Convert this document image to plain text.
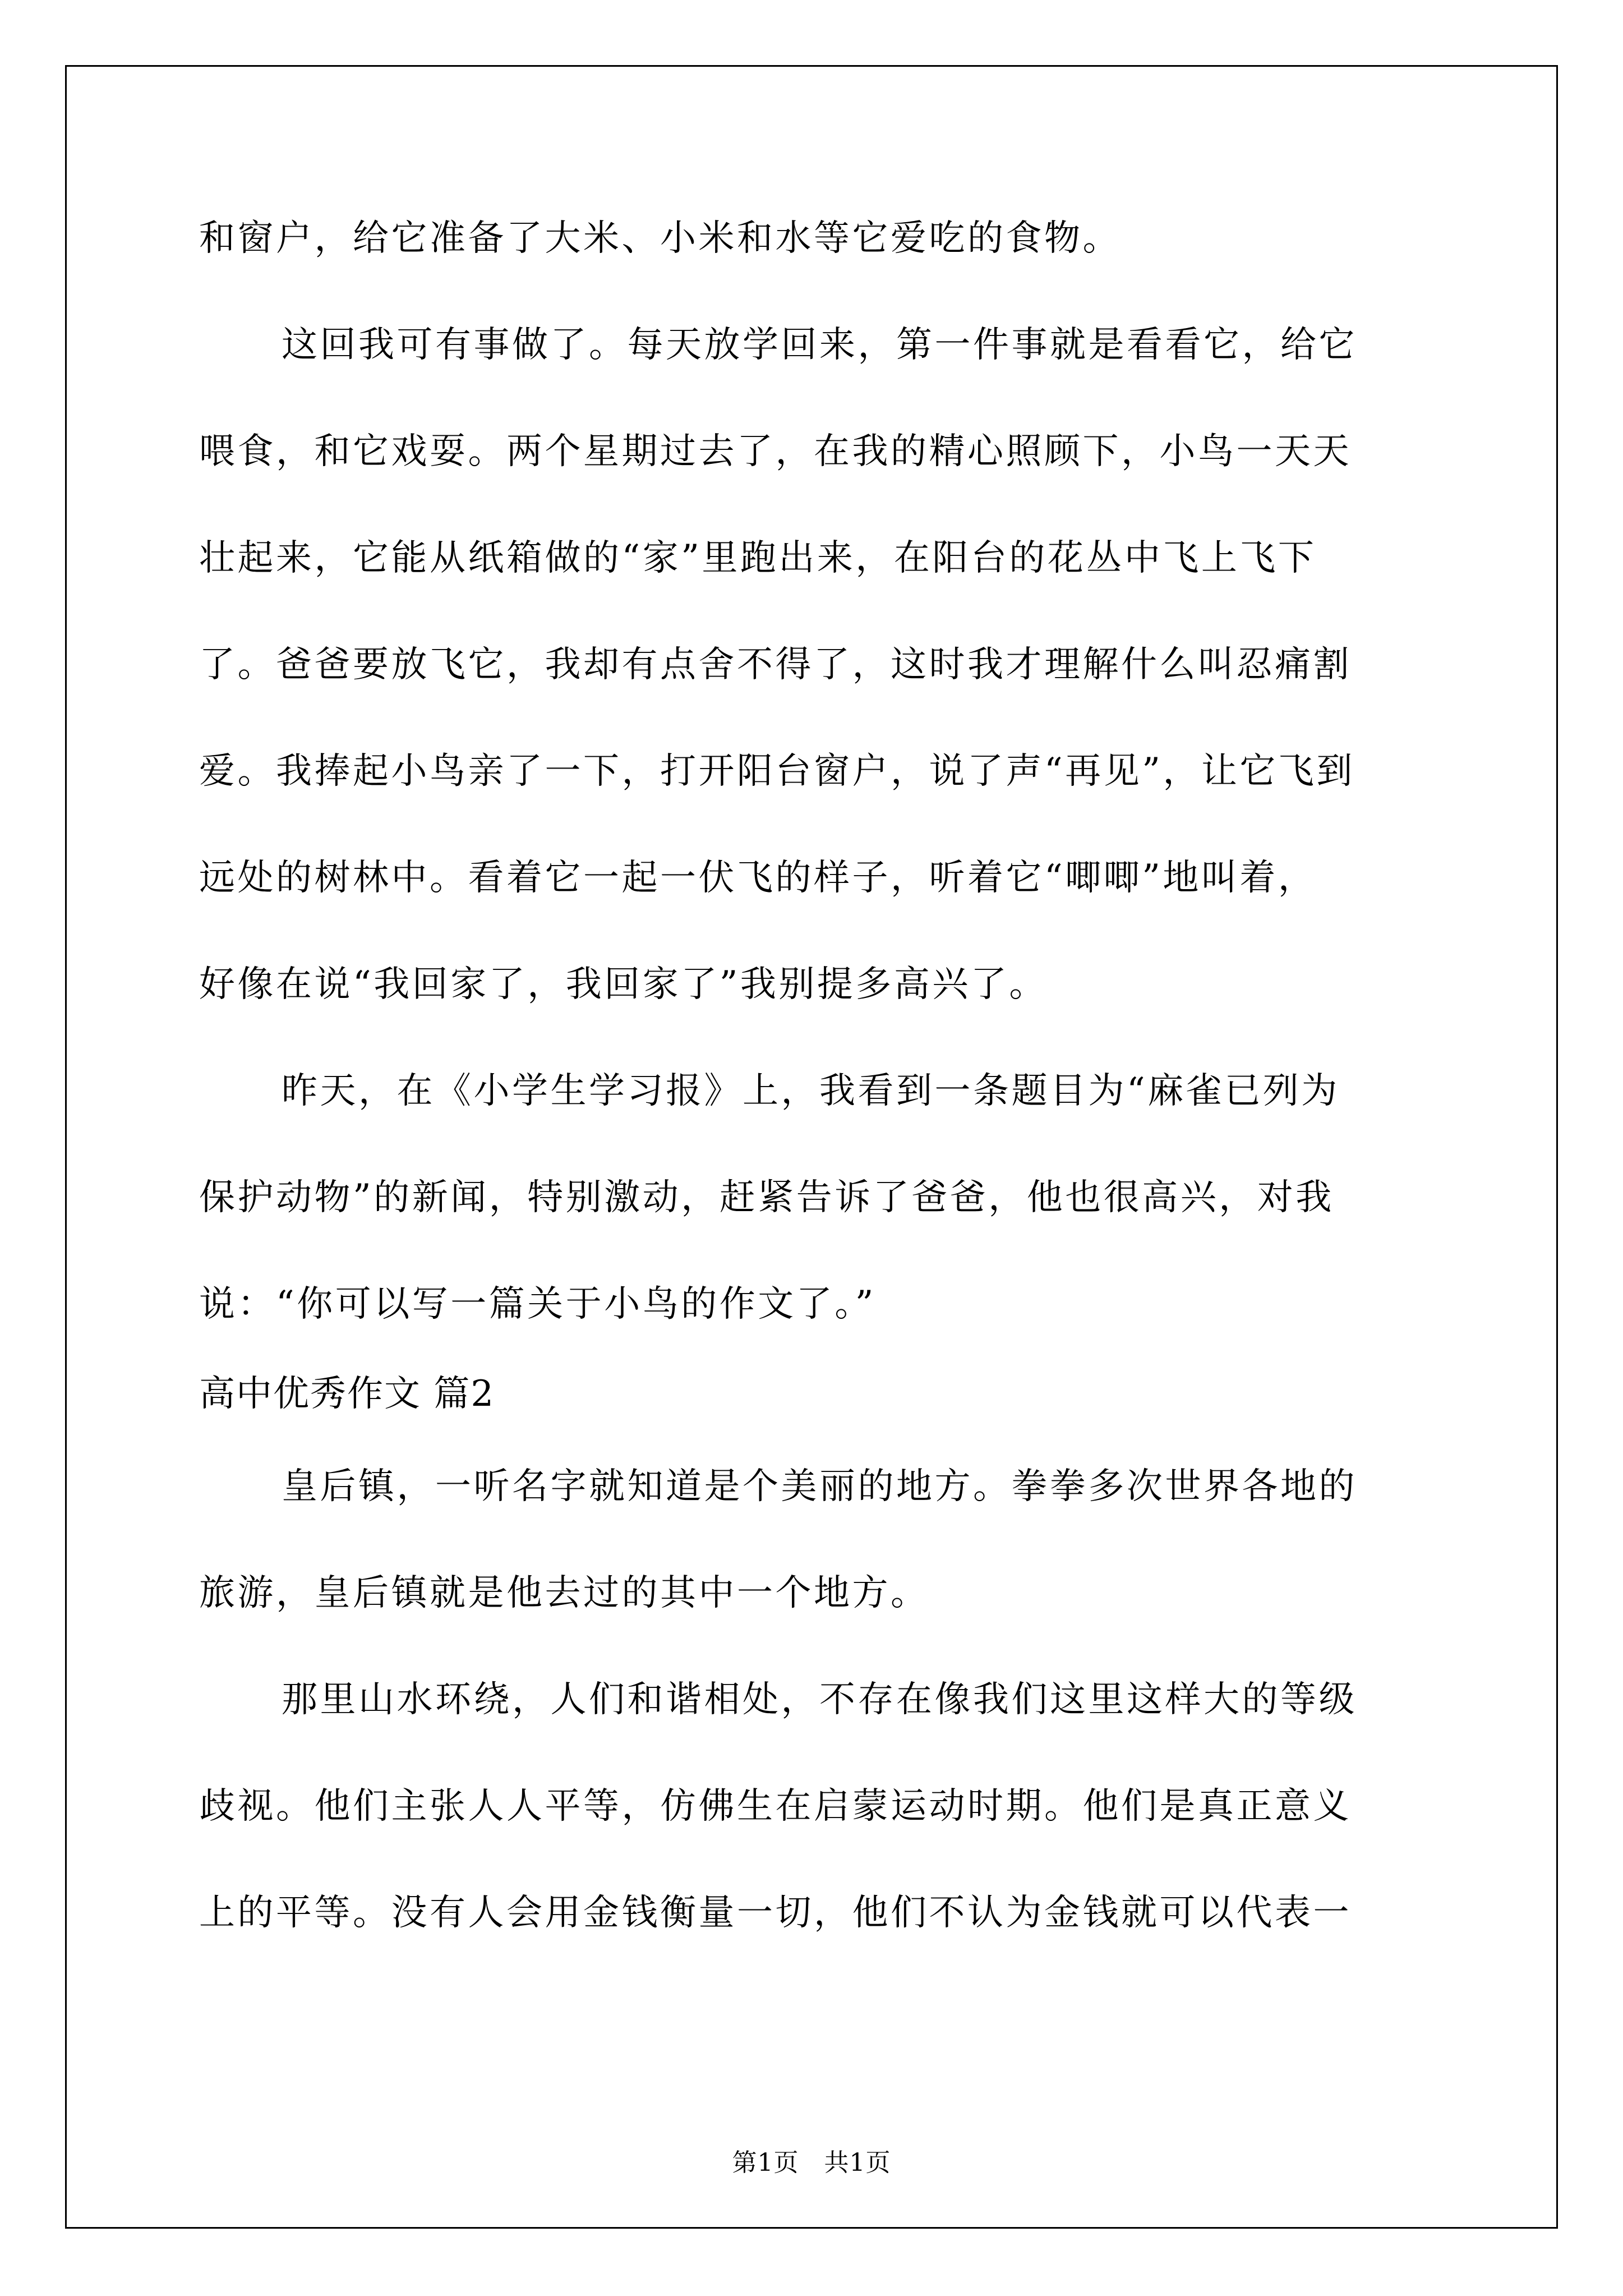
和窗户，给它准备了大米、小米和水等它爱吃的食物。
这回我可有事做了。每天放学回来，第一件事就是看看它，给它
喂食，和它戏耍。两个星期过去了，在我的精心照顾下，小鸟一天天
壮起来，它能从纸箱做的“家”里跑出来，在阳台的花丛中飞上飞下
了。爸爸要放飞它，我却有点舍不得了，这时我才理解什么叫忍痛割
爱。我捧起小鸟亲了一下，打开阳台窗户，说了声“再见”，让它飞到
远处的树林中。看着它一起一伏飞的样子，听着它“唧唧”地叫着，
好像在说“我回家了，我回家了”我别提多高兴了。
昨天，在《小学生学习报》上，我看到一条题目为“麻雀已列为
保护动物”的新闻，特别激动，赶紧告诉了爸爸，他也很高兴，对我
说：“你可以写一篇关于小鸟的作文了。”
高中优秀作文 篇2
皇后镇，一听名字就知道是个美丽的地方。拳拳多次世界各地的
旅游，皇后镇就是他去过的其中一个地方。
那里山水环绕，人们和谐相处，不存在像我们这里这样大的等级
歧视。他们主张人人平等，仿佛生在启蒙运动时期。他们是真正意义
上的平等。没有人会用金钱衡量一切，他们不认为金钱就可以代表一
第1页　共1页
